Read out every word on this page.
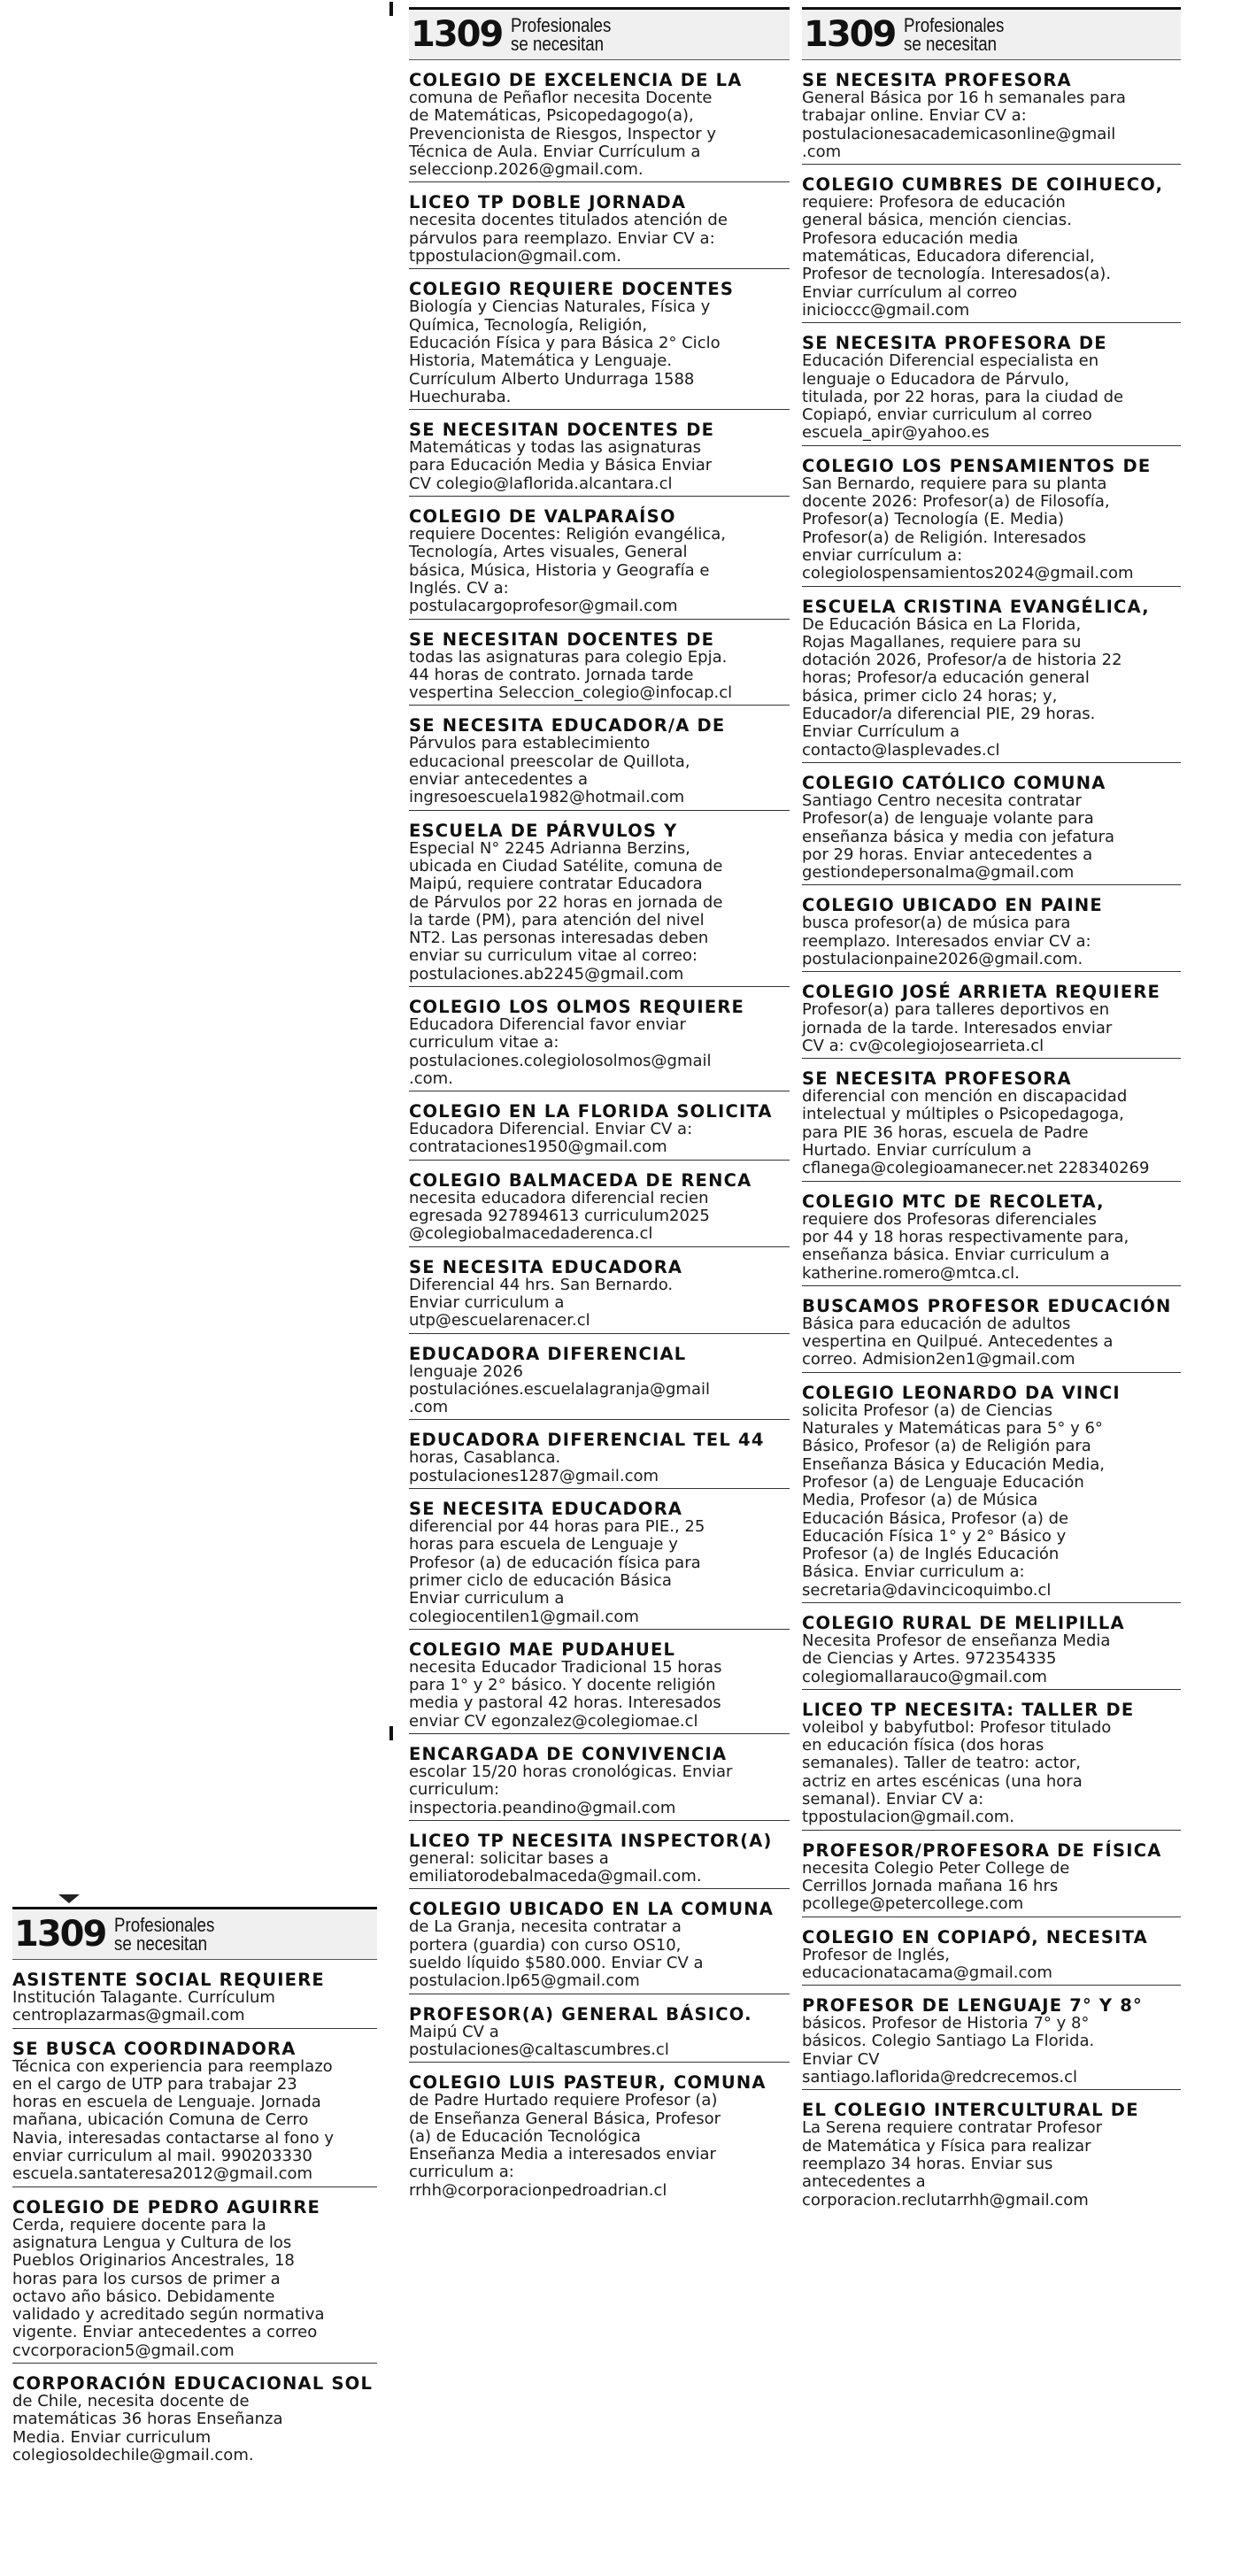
1309 Profesionales
se necesitan
ASISTENTE SOCIAL REQUIERE
Institución Talagante. Currículum
centroplazarmas@gmail.com
SE BUSCA COORDINADORA
Técnica con experiencia para reemplazo
en el cargo de UTP para trabajar 23
horas en escuela de Lenguaje. Jornada
mañana, ubicación Comuna de Cerro
Navia, interesadas contactarse al fono y
enviar curriculum al mail. 990203330
escuela.santateresa2012@gmail.com
COLEGIO DE PEDRO AGUIRRE
Cerda, requiere docente para la
asignatura Lengua y Cultura de los
Pueblos Originarios Ancestrales, 18
horas para los cursos de primer a
octavo año básico. Debidamente
validado y acreditado según normativa
vigente. Enviar antecedentes a correo
cvcorporacion5@gmail.com
CORPORACIÓN EDUCACIONAL SOL
de Chile, necesita docente de
matemáticas 36 horas Enseñanza
Media. Enviar curriculum
colegiosoldechile@gmail.com.
1309 Profesionales
se necesitan
COLEGIO DE EXCELENCIA DE LA
comuna de Peñaflor necesita Docente
de Matemáticas, Psicopedagogo(a),
Prevencionista de Riesgos, Inspector y
Técnica de Aula. Enviar Currículum a
seleccionp.2026@gmail.com.
LICEO TP DOBLE JORNADA
necesita docentes titulados atención de
párvulos para reemplazo. Enviar CV a:
tppostulacion@gmail.com.
COLEGIO REQUIERE DOCENTES
Biología y Ciencias Naturales, Física y
Química, Tecnología, Religión,
Educación Física y para Básica 2° Ciclo
Historia, Matemática y Lenguaje.
Currículum Alberto Undurraga 1588
Huechuraba.
SE NECESITAN DOCENTES DE
Matemáticas y todas las asignaturas
para Educación Media y Básica Enviar
CV colegio@laflorida.alcantara.cl
COLEGIO DE VALPARAÍSO
requiere Docentes: Religión evangélica,
Tecnología, Artes visuales, General
básica, Música, Historia y Geografía e
Inglés. CV a:
postulacargoprofesor@gmail.com
SE NECESITAN DOCENTES DE
todas las asignaturas para colegio Epja.
44 horas de contrato. Jornada tarde
vespertina Seleccion_colegio@infocap.cl
SE NECESITA EDUCADOR/A DE
Párvulos para establecimiento
educacional preescolar de Quillota,
enviar antecedentes a
ingresoescuela1982@hotmail.com
ESCUELA DE PÁRVULOS Y
Especial N° 2245 Adrianna Berzins,
ubicada en Ciudad Satélite, comuna de
Maipú, requiere contratar Educadora
de Párvulos por 22 horas en jornada de
la tarde (PM), para atención del nivel
NT2. Las personas interesadas deben
enviar su curriculum vitae al correo:
postulaciones.ab2245@gmail.com
COLEGIO LOS OLMOS REQUIERE
Educadora Diferencial favor enviar
curriculum vitae a:
postulaciones.colegiolosolmos@gmail
.com.
COLEGIO EN LA FLORIDA SOLICITA
Educadora Diferencial. Enviar CV a:
contrataciones1950@gmail.com
COLEGIO BALMACEDA DE RENCA
necesita educadora diferencial recien
egresada 927894613 curriculum2025
@colegiobalmacedaderenca.cl
SE NECESITA EDUCADORA
Diferencial 44 hrs. San Bernardo.
Enviar curriculum a
utp@escuelarenacer.cl
EDUCADORA DIFERENCIAL
lenguaje 2026
postulaciónes.escuelalagranja@gmail
.com
EDUCADORA DIFERENCIAL TEL 44
horas, Casablanca.
postulaciones1287@gmail.com
SE NECESITA EDUCADORA
diferencial por 44 horas para PIE., 25
horas para escuela de Lenguaje y
Profesor (a) de educación física para
primer ciclo de educación Básica
Enviar curriculum a
colegiocentilen1@gmail.com
COLEGIO MAE PUDAHUEL
necesita Educador Tradicional 15 horas
para 1° y 2° básico. Y docente religión
media y pastoral 42 horas. Interesados
enviar CV egonzalez@colegiomae.cl
ENCARGADA DE CONVIVENCIA
escolar 15/20 horas cronológicas. Enviar
curriculum:
inspectoria.peandino@gmail.com
LICEO TP NECESITA INSPECTOR(A)
general: solicitar bases a
emiliatorodebalmaceda@gmail.com.
COLEGIO UBICADO EN LA COMUNA
de La Granja, necesita contratar a
portera (guardia) con curso OS10,
sueldo líquido $580.000. Enviar CV a
postulacion.lp65@gmail.com
PROFESOR(A) GENERAL BÁSICO.
Maipú CV a
postulaciones@caltascumbres.cl
COLEGIO LUIS PASTEUR, COMUNA
de Padre Hurtado requiere Profesor (a)
de Enseñanza General Básica, Profesor
(a) de Educación Tecnológica
Enseñanza Media a interesados enviar
curriculum a:
rrhh@corporacionpedroadrian.cl
1309 Profesionales
se necesitan
SE NECESITA PROFESORA
General Básica por 16 h semanales para
trabajar online. Enviar CV a:
postulacionesacademicasonline@gmail
.com
COLEGIO CUMBRES DE COIHUECO,
requiere: Profesora de educación
general básica, mención ciencias.
Profesora educación media
matemáticas, Educadora diferencial,
Profesor de tecnología. Interesados(a).
Enviar currículum al correo
inicioccc@gmail.com
SE NECESITA PROFESORA DE
Educación Diferencial especialista en
lenguaje o Educadora de Párvulo,
titulada, por 22 horas, para la ciudad de
Copiapó, enviar curriculum al correo
escuela_apir@yahoo.es
COLEGIO LOS PENSAMIENTOS DE
San Bernardo, requiere para su planta
docente 2026: Profesor(a) de Filosofía,
Profesor(a) Tecnología (E. Media)
Profesor(a) de Religión. Interesados
enviar currículum a:
colegiolospensamientos2024@gmail.com
ESCUELA CRISTINA EVANGÉLICA,
De Educación Básica en La Florida,
Rojas Magallanes, requiere para su
dotación 2026, Profesor/a de historia 22
horas; Profesor/a educación general
básica, primer ciclo 24 horas; y,
Educador/a diferencial PIE, 29 horas.
Enviar Currículum a
contacto@lasplevades.cl
COLEGIO CATÓLICO COMUNA
Santiago Centro necesita contratar
Profesor(a) de lenguaje volante para
enseñanza básica y media con jefatura
por 29 horas. Enviar antecedentes a
gestiondepersonalma@gmail.com
COLEGIO UBICADO EN PAINE
busca profesor(a) de música para
reemplazo. Interesados enviar CV a:
postulacionpaine2026@gmail.com.
COLEGIO JOSÉ ARRIETA REQUIERE
Profesor(a) para talleres deportivos en
jornada de la tarde. Interesados enviar
CV a: cv@colegiojosearrieta.cl
SE NECESITA PROFESORA
diferencial con mención en discapacidad
intelectual y múltiples o Psicopedagoga,
para PIE 36 horas, escuela de Padre
Hurtado. Enviar currículum a
cflanega@colegioamanecer.net 228340269
COLEGIO MTC DE RECOLETA,
requiere dos Profesoras diferenciales
por 44 y 18 horas respectivamente para,
enseñanza básica. Enviar curriculum a
katherine.romero@mtca.cl.
BUSCAMOS PROFESOR EDUCACIÓN
Básica para educación de adultos
vespertina en Quilpué. Antecedentes a
correo. Admision2en1@gmail.com
COLEGIO LEONARDO DA VINCI
solicita Profesor (a) de Ciencias
Naturales y Matemáticas para 5° y 6°
Básico, Profesor (a) de Religión para
Enseñanza Básica y Educación Media,
Profesor (a) de Lenguaje Educación
Media, Profesor (a) de Música
Educación Básica, Profesor (a) de
Educación Física 1° y 2° Básico y
Profesor (a) de Inglés Educación
Básica. Enviar curriculum a:
secretaria@davincicoquimbo.cl
COLEGIO RURAL DE MELIPILLA
Necesita Profesor de enseñanza Media
de Ciencias y Artes. 972354335
colegiomallarauco@gmail.com
LICEO TP NECESITA: TALLER DE
voleibol y babyfutbol: Profesor titulado
en educación física (dos horas
semanales). Taller de teatro: actor,
actriz en artes escénicas (una hora
semanal). Enviar CV a:
tppostulacion@gmail.com.
PROFESOR/PROFESORA DE FÍSICA
necesita Colegio Peter College de
Cerrillos Jornada mañana 16 hrs
pcollege@petercollege.com
COLEGIO EN COPIAPÓ, NECESITA
Profesor de Inglés,
educacionatacama@gmail.com
PROFESOR DE LENGUAJE 7° Y 8°
básicos. Profesor de Historia 7° y 8°
básicos. Colegio Santiago La Florida.
Enviar CV
santiago.laflorida@redcrecemos.cl
EL COLEGIO INTERCULTURAL DE
La Serena requiere contratar Profesor
de Matemática y Física para realizar
reemplazo 34 horas. Enviar sus
antecedentes a
corporacion.reclutarrhh@gmail.com
